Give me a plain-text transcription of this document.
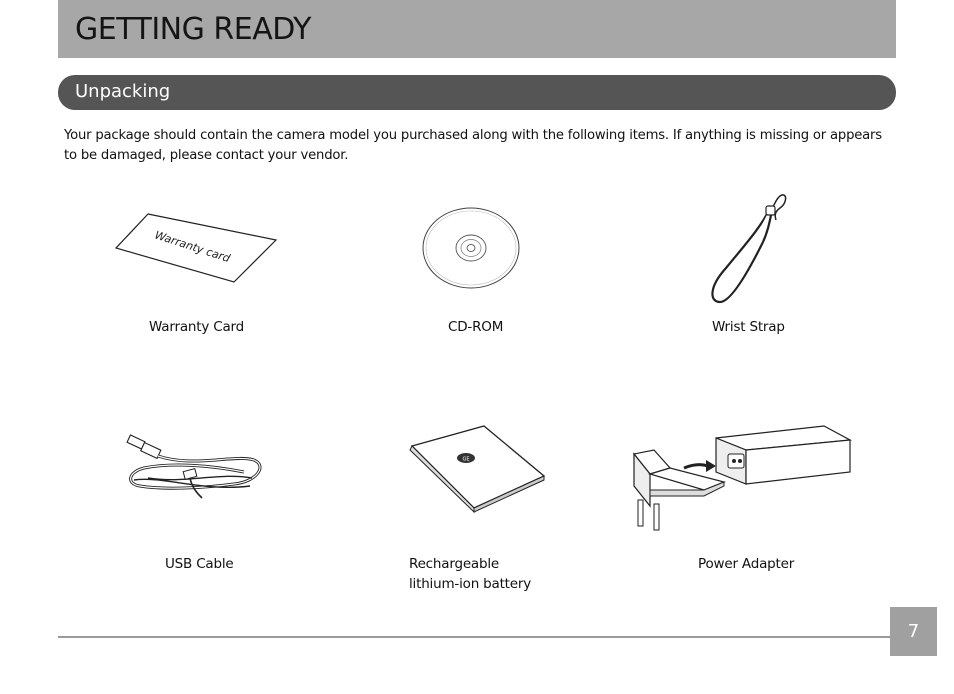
GETTING READY
Unpacking

Your package should contain the camera model you purchased along with the following items. If anything is missing or appears to be damaged, please contact your vendor.

Warranty card
Warranty Card	CD-ROM	Wrist Strap
USB Cable
GE
Rechargeable
lithium-ion battery
Power Adapter
7
